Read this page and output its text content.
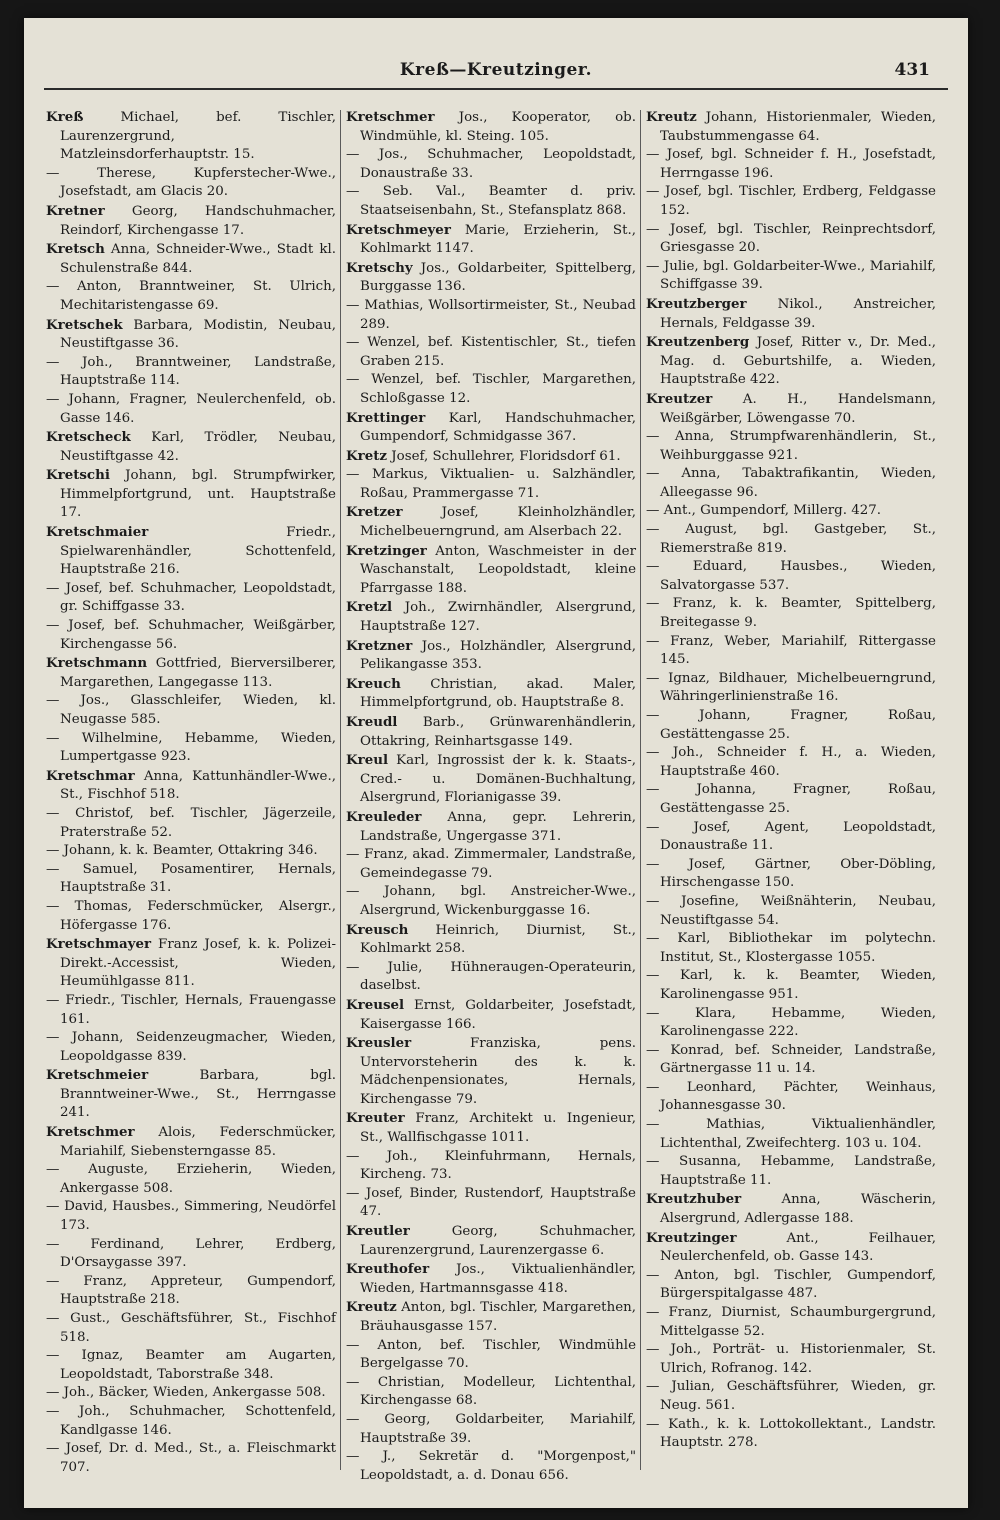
Kreß—Kreutzinger.	431

Kreß Michael, bef. Tischler, Laurenzergrund, Matzleinsdorferhauptstr. 15.

— Therese, Kupferstecher-Wwe., Josefstadt, am Glacis 20.

Kretner Georg, Handschuhmacher, Reindorf, Kirchengasse 17.

Kretsch Anna, Schneider-Wwe., Stadt kl. Schulenstraße 844.

— Anton, Branntweiner, St. Ulrich, Mechitaristengasse 69.

Kretschek Barbara, Modistin, Neubau, Neustiftgasse 36.

— Joh., Branntweiner, Landstraße, Hauptstraße 114.

— Johann, Fragner, Neulerchenfeld, ob. Gasse 146.

Kretscheck Karl, Trödler, Neubau, Neustiftgasse 42.

Kretschi Johann, bgl. Strumpfwirker, Himmelpfortgrund, unt. Hauptstraße 17.

Kretschmaier Friedr., Spielwarenhändler, Schottenfeld, Hauptstraße 216.

— Josef, bef. Schuhmacher, Leopoldstadt, gr. Schiffgasse 33.

— Josef, bef. Schuhmacher, Weißgärber, Kirchengasse 56.

Kretschmann Gottfried, Bierversilberer, Margarethen, Langegasse 113.

— Jos., Glasschleifer, Wieden, kl. Neugasse 585.

— Wilhelmine, Hebamme, Wieden, Lumpertgasse 923.

Kretschmar Anna, Kattunhändler-Wwe., St., Fischhof 518.

— Christof, bef. Tischler, Jägerzeile, Praterstraße 52.

— Johann, k. k. Beamter, Ottakring 346.

— Samuel, Posamentirer, Hernals, Hauptstraße 31.

— Thomas, Federschmücker, Alsergr., Höfergasse 176.

Kretschmayer Franz Josef, k. k. Polizei-Direkt.-Accessist, Wieden, Heumühlgasse 811.

— Friedr., Tischler, Hernals, Frauengasse 161.

— Johann, Seidenzeugmacher, Wieden, Leopoldgasse 839.

Kretschmeier Barbara, bgl. Branntweiner-Wwe., St., Herrngasse 241.

Kretschmer Alois, Federschmücker, Mariahilf, Siebensterngasse 85.

— Auguste, Erzieherin, Wieden, Ankergasse 508.

— David, Hausbes., Simmering, Neudörfel 173.

— Ferdinand, Lehrer, Erdberg, D'Orsaygasse 397.

— Franz, Appreteur, Gumpendorf, Hauptstraße 218.

— Gust., Geschäftsführer, St., Fischhof 518.

— Ignaz, Beamter am Augarten, Leopoldstadt, Taborstraße 348.

— Joh., Bäcker, Wieden, Ankergasse 508.

— Joh., Schuhmacher, Schottenfeld, Kandlgasse 146.

— Josef, Dr. d. Med., St., a. Fleischmarkt 707.

Kretschmer Jos., Kooperator, ob. Windmühle, kl. Steing. 105.

— Jos., Schuhmacher, Leopoldstadt, Donaustraße 33.

— Seb. Val., Beamter d. priv. Staatseisenbahn, St., Stefansplatz 868.

Kretschmeyer Marie, Erzieherin, St., Kohlmarkt 1147.

Kretschy Jos., Goldarbeiter, Spittelberg, Burggasse 136.

— Mathias, Wollsortirmeister, St., Neubad 289.

— Wenzel, bef. Kistentischler, St., tiefen Graben 215.

— Wenzel, bef. Tischler, Margarethen, Schloßgasse 12.

Krettinger Karl, Handschuhmacher, Gumpendorf, Schmidgasse 367.

Kretz Josef, Schullehrer, Floridsdorf 61.

— Markus, Viktualien- u. Salzhändler, Roßau, Prammergasse 71.

Kretzer Josef, Kleinholzhändler, Michelbeuerngrund, am Alserbach 22.

Kretzinger Anton, Waschmeister in der Waschanstalt, Leopoldstadt, kleine Pfarrgasse 188.

Kretzl Joh., Zwirnhändler, Alsergrund, Hauptstraße 127.

Kretzner Jos., Holzhändler, Alsergrund, Pelikangasse 353.

Kreuch Christian, akad. Maler, Himmelpfortgrund, ob. Hauptstraße 8.

Kreudl Barb., Grünwarenhändlerin, Ottakring, Reinhartsgasse 149.

Kreul Karl, Ingrossist der k. k. Staats-, Cred.- u. Domänen-Buchhaltung, Alsergrund, Florianigasse 39.

Kreuleder Anna, gepr. Lehrerin, Landstraße, Ungergasse 371.

— Franz, akad. Zimmermaler, Landstraße, Gemeindegasse 79.

— Johann, bgl. Anstreicher-Wwe., Alsergrund, Wickenburggasse 16.

Kreusch Heinrich, Diurnist, St., Kohlmarkt 258.

— Julie, Hühneraugen-Operateurin, daselbst.

Kreusel Ernst, Goldarbeiter, Josefstadt, Kaisergasse 166.

Kreusler Franziska, pens. Untervorsteherin des k. k. Mädchenpensionates, Hernals, Kirchengasse 79.

Kreuter Franz, Architekt u. Ingenieur, St., Wallfischgasse 1011.

— Joh., Kleinfuhrmann, Hernals, Kircheng. 73.

— Josef, Binder, Rustendorf, Hauptstraße 47.

Kreutler Georg, Schuhmacher, Laurenzergrund, Laurenzergasse 6.

Kreuthofer Jos., Viktualienhändler, Wieden, Hartmannsgasse 418.

Kreutz Anton, bgl. Tischler, Margarethen, Bräuhausgasse 157.

— Anton, bef. Tischler, Windmühle Bergelgasse 70.

— Christian, Modelleur, Lichtenthal, Kirchengasse 68.

— Georg, Goldarbeiter, Mariahilf, Hauptstraße 39.

— J., Sekretär d. "Morgenpost," Leopoldstadt, a. d. Donau 656.

Kreutz Johann, Historienmaler, Wieden, Taubstummengasse 64.

— Josef, bgl. Schneider f. H., Josefstadt, Herrngasse 196.

— Josef, bgl. Tischler, Erdberg, Feldgasse 152.

— Josef, bgl. Tischler, Reinprechtsdorf, Griesgasse 20.

— Julie, bgl. Goldarbeiter-Wwe., Mariahilf, Schiffgasse 39.

Kreutzberger Nikol., Anstreicher, Hernals, Feldgasse 39.

Kreutzenberg Josef, Ritter v., Dr. Med., Mag. d. Geburtshilfe, a. Wieden, Hauptstraße 422.

Kreutzer A. H., Handelsmann, Weißgärber, Löwengasse 70.

— Anna, Strumpfwarenhändlerin, St., Weihburggasse 921.

— Anna, Tabaktrafikantin, Wieden, Alleegasse 96.

— Ant., Gumpendorf, Millerg. 427.

— August, bgl. Gastgeber, St., Riemerstraße 819.

— Eduard, Hausbes., Wieden, Salvatorgasse 537.

— Franz, k. k. Beamter, Spittelberg, Breitegasse 9.

— Franz, Weber, Mariahilf, Rittergasse 145.

— Ignaz, Bildhauer, Michelbeuerngrund, Währingerlinienstraße 16.

— Johann, Fragner, Roßau, Gestättengasse 25.

— Joh., Schneider f. H., a. Wieden, Hauptstraße 460.

— Johanna, Fragner, Roßau, Gestättengasse 25.

— Josef, Agent, Leopoldstadt, Donaustraße 11.

— Josef, Gärtner, Ober-Döbling, Hirschengasse 150.

— Josefine, Weißnähterin, Neubau, Neustiftgasse 54.

— Karl, Bibliothekar im polytechn. Institut, St., Klostergasse 1055.

— Karl, k. k. Beamter, Wieden, Karolinengasse 951.

— Klara, Hebamme, Wieden, Karolinengasse 222.

— Konrad, bef. Schneider, Landstraße, Gärtnergasse 11 u. 14.

— Leonhard, Pächter, Weinhaus, Johannesgasse 30.

— Mathias, Viktualienhändler, Lichtenthal, Zweifechterg. 103 u. 104.

— Susanna, Hebamme, Landstraße, Hauptstraße 11.

Kreutzhuber Anna, Wäscherin, Alsergrund, Adlergasse 188.

Kreutzinger Ant., Feilhauer, Neulerchenfeld, ob. Gasse 143.

— Anton, bgl. Tischler, Gumpendorf, Bürgerspitalgasse 487.

— Franz, Diurnist, Schaumburgergrund, Mittelgasse 52.

— Joh., Porträt- u. Historienmaler, St. Ulrich, Rofranog. 142.

— Julian, Geschäftsführer, Wieden, gr. Neug. 561.

— Kath., k. k. Lottokollektant., Landstr. Hauptstr. 278.
